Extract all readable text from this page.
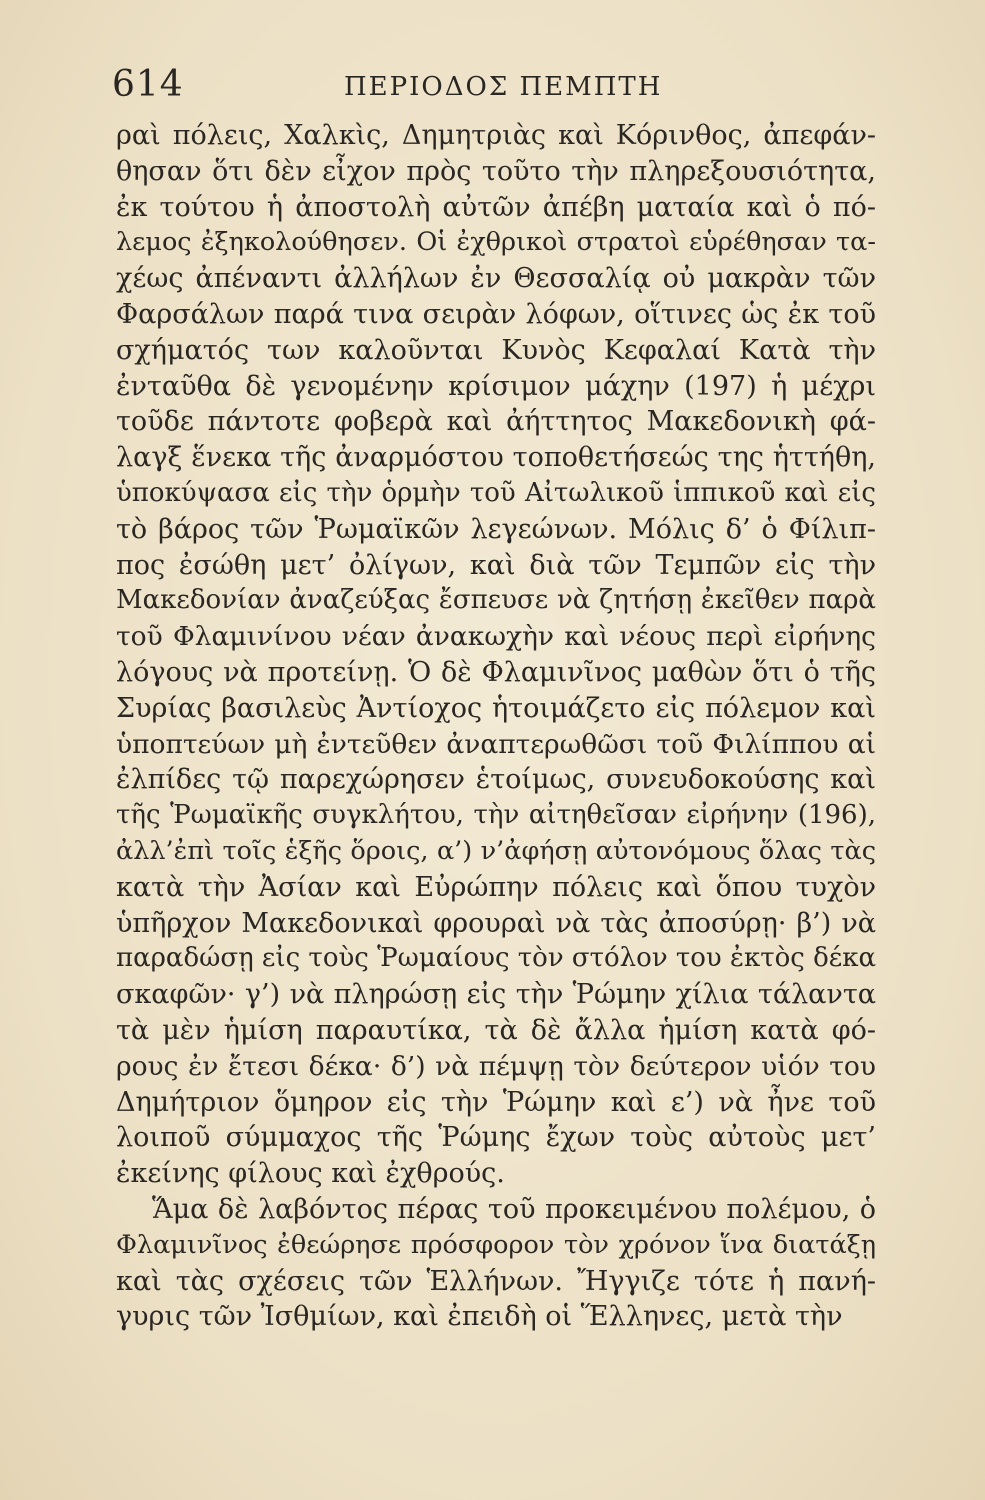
614	ΠΕΡΙΟΔΟΣ ΠΕΜΠΤΗ
ραὶ πόλεις, Χαλκὶς, Δημητριὰς καὶ Κόρινθος, ἀπεφάν-
θησαν ὅτι δὲν εἶχον πρὸς τοῦτο τὴν πληρεξουσιότητα,
ἐκ τούτου ἡ ἀποστολὴ αὐτῶν ἀπέβη ματαία καὶ ὁ πό-
λεμος ἐξηκολούθησεν. Οἱ ἐχθρικοὶ στρατοὶ εὑρέθησαν τα-
χέως ἀπέναντι ἀλλήλων ἐν Θεσσαλίᾳ οὐ μακρὰν τῶν
Φαρσάλων παρά τινα σειρὰν λόφων, οἵτινες ὡς ἐκ τοῦ
σχήματός των καλοῦνται Κυνὸς Κεφαλαί Κατὰ τὴν
ἐνταῦθα δὲ γενομένην κρίσιμον μάχην (197) ἡ μέχρι
τοῦδε πάντοτε φοβερὰ καὶ ἀήττητος Μακεδονικὴ φά-
λαγξ ἕνεκα τῆς ἀναρμόστου τοποθετήσεώς της ἡττήθη,
ὑποκύψασα εἰς τὴν ὁρμὴν τοῦ Αἰτωλικοῦ ἱππικοῦ καὶ εἰς
τὸ βάρος τῶν Ῥωμαϊκῶν λεγεώνων. Μόλις δ’ ὁ Φίλιπ-
πος ἐσώθη μετ’ ὀλίγων, καὶ διὰ τῶν Τεμπῶν εἰς τὴν
Μακεδονίαν ἀναζεύξας ἔσπευσε νὰ ζητήσῃ ἐκεῖθεν παρὰ
τοῦ Φλαμινίνου νέαν ἀνακωχὴν καὶ νέους περὶ εἰρήνης
λόγους νὰ προτείνῃ. Ὁ δὲ Φλαμινῖνος μαθὼν ὅτι ὁ τῆς
Συρίας βασιλεὺς Ἀντίοχος ἡτοιμάζετο εἰς πόλεμον καὶ
ὑποπτεύων μὴ ἐντεῦθεν ἀναπτερωθῶσι τοῦ Φιλίππου αἱ
ἐλπίδες τῷ παρεχώρησεν ἑτοίμως, συνευδοκούσης καὶ
τῆς Ῥωμαϊκῆς συγκλήτου, τὴν αἰτηθεῖσαν εἰρήνην (196),
ἀλλ’ἐπὶ τοῖς ἑξῆς ὅροις, α’) ν’ἀφήσῃ αὐτονόμους ὅλας τὰς
κατὰ τὴν Ἀσίαν καὶ Εὐρώπην πόλεις καὶ ὅπου τυχὸν
ὑπῆρχον Μακεδονικαὶ φρουραὶ νὰ τὰς ἀποσύρῃ· β’) νὰ
παραδώσῃ εἰς τοὺς Ῥωμαίους τὸν στόλον του ἐκτὸς δέκα
σκαφῶν· γ’) νὰ πληρώσῃ εἰς τὴν Ῥώμην χίλια τάλαντα
τὰ μὲν ἡμίση παραυτίκα, τὰ δὲ ἄλλα ἡμίση κατὰ φό-
ρους ἐν ἔτεσι δέκα· δ’) νὰ πέμψῃ τὸν δεύτερον υἱόν του
Δημήτριον ὅμηρον εἰς τὴν Ῥώμην καὶ ε’) νὰ ἦνε τοῦ
λοιποῦ σύμμαχος τῆς Ῥώμης ἔχων τοὺς αὐτοὺς μετ’
ἐκείνης φίλους καὶ ἐχθρούς.
Ἅμα δὲ λαβόντος πέρας τοῦ προκειμένου πολέμου, ὁ
Φλαμινῖνος ἐθεώρησε πρόσφορον τὸν χρόνον ἵνα διατάξῃ
καὶ τὰς σχέσεις τῶν Ἑλλήνων. Ἤγγιζε τότε ἡ πανή-
γυρις τῶν Ἰσθμίων, καὶ ἐπειδὴ οἱ Ἕλληνες, μετὰ τὴν
